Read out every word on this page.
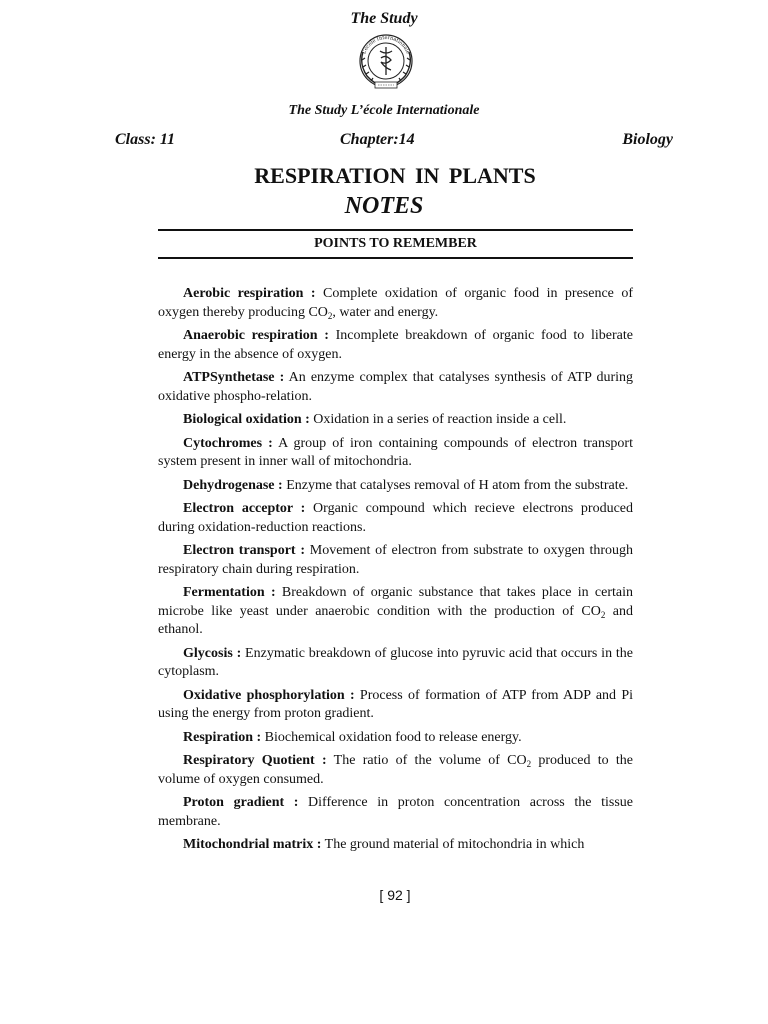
The Study
L’école Internationale
The Study L’école Internationale
Class: 11	Chapter:14	Biology
RESPIRATION IN PLANTS
NOTES
POINTS TO REMEMBER

Aerobic respiration : Complete oxidation of organic food in presence of oxygen thereby producing $CO_2$, water and energy.

Anaerobic respiration : Incomplete breakdown of organic food to liberate energy in the absence of oxygen.

ATPSynthetase : An enzyme complex that catalyses synthesis of ATP during oxidative phospho-relation.

Biological oxidation : Oxidation in a series of reaction inside a cell.

Cytochromes : A group of iron containing compounds of electron transport system present in inner wall of mitochondria.

Dehydrogenase : Enzyme that catalyses removal of H atom from the substrate.

Electron acceptor : Organic compound which recieve electrons produced during oxidation-reduction reactions.

Electron transport : Movement of electron from substrate to oxygen through respiratory chain during respiration.

Fermentation : Breakdown of organic substance that takes place in certain microbe like yeast under anaerobic condition with the production of $CO_2$ and ethanol.

Glycosis : Enzymatic breakdown of glucose into pyruvic acid that occurs in the cytoplasm.

Oxidative phosphorylation : Process of formation of ATP from ADP and Pi using the energy from proton gradient.

Respiration : Biochemical oxidation food to release energy.

Respiratory Quotient : The ratio of the volume of $CO_2$ produced to the volume of oxygen consumed.

Proton gradient : Difference in proton concentration across the tissue membrane.

Mitochondrial matrix : The ground material of mitochondria in which

[ 92 ]
